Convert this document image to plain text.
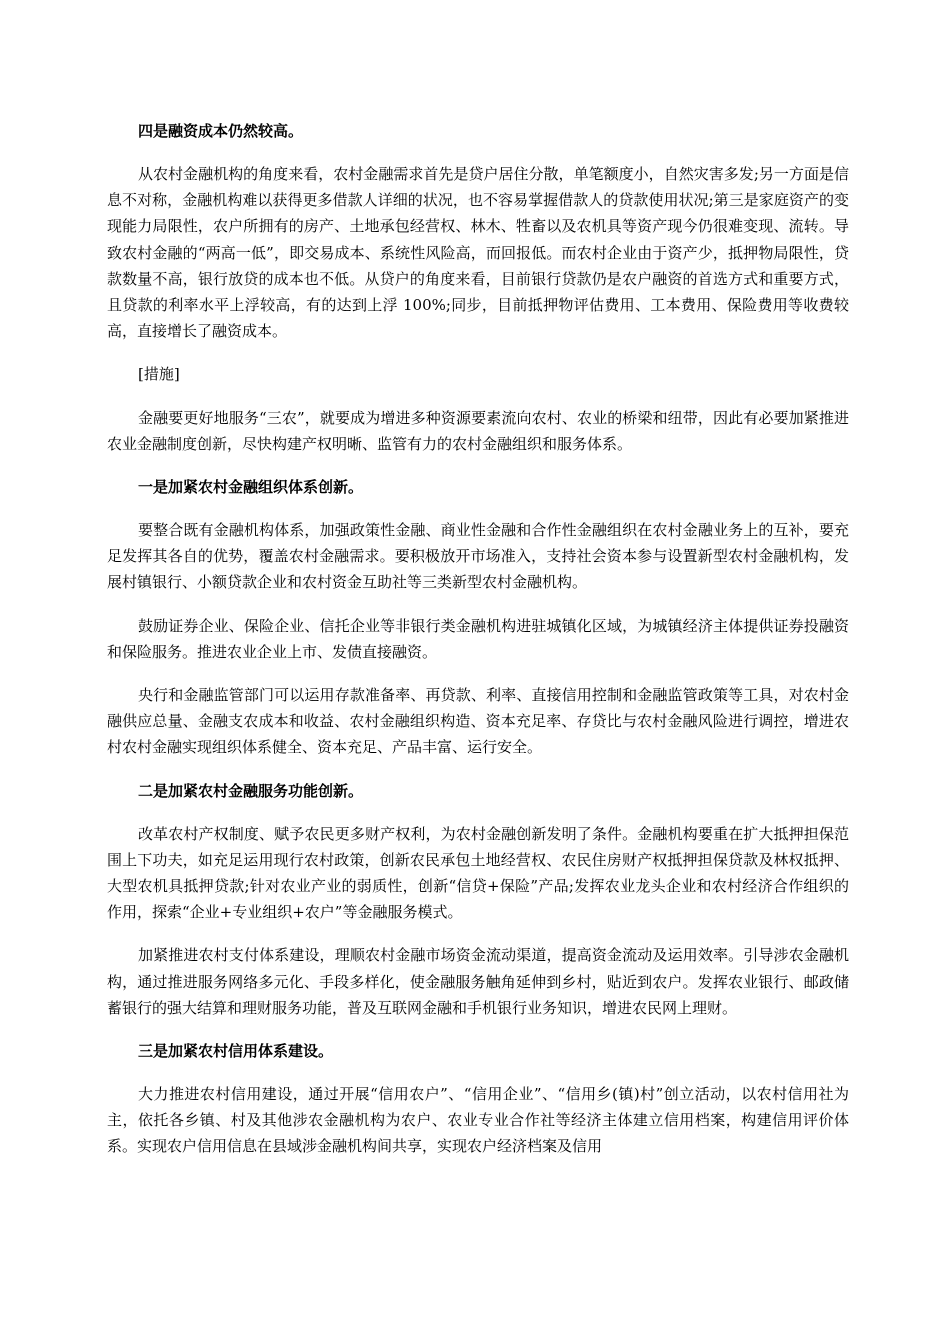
四是融资成本仍然较高。
从农村金融机构的角度来看，农村金融需求首先是贷户居住分散，单笔额度小，自然灾害多发;另一方面是信息不对称，金融机构难以获得更多借款人详细的状况，也不容易掌握借款人的贷款使用状况;第三是家庭资产的变现能力局限性，农户所拥有的房产、土地承包经营权、林木、牲畜以及农机具等资产现今仍很难变现、流转。导致农村金融的“两高一低”，即交易成本、系统性风险高，而回报低。而农村企业由于资产少，抵押物局限性，贷款数量不高，银行放贷的成本也不低。从贷户的角度来看，目前银行贷款仍是农户融资的首选方式和重要方式，且贷款的利率水平上浮较高，有的达到上浮 100%;同步，目前抵押物评估费用、工本费用、保险费用等收费较高，直接增长了融资成本。
[措施]
金融要更好地服务“三农”，就要成为增进多种资源要素流向农村、农业的桥梁和纽带，因此有必要加紧推进农业金融制度创新，尽快构建产权明晰、监管有力的农村金融组织和服务体系。
一是加紧农村金融组织体系创新。
要整合既有金融机构体系，加强政策性金融、商业性金融和合作性金融组织在农村金融业务上的互补，要充足发挥其各自的优势，覆盖农村金融需求。要积极放开市场准入，支持社会资本参与设置新型农村金融机构，发展村镇银行、小额贷款企业和农村资金互助社等三类新型农村金融机构。
鼓励证券企业、保险企业、信托企业等非银行类金融机构进驻城镇化区域，为城镇经济主体提供证券投融资和保险服务。推进农业企业上市、发债直接融资。
央行和金融监管部门可以运用存款准备率、再贷款、利率、直接信用控制和金融监管政策等工具，对农村金融供应总量、金融支农成本和收益、农村金融组织构造、资本充足率、存贷比与农村金融风险进行调控，增进农村农村金融实现组织体系健全、资本充足、产品丰富、运行安全。
二是加紧农村金融服务功能创新。
改革农村产权制度、赋予农民更多财产权利，为农村金融创新发明了条件。金融机构要重在扩大抵押担保范围上下功夫，如充足运用现行农村政策，创新农民承包土地经营权、农民住房财产权抵押担保贷款及林权抵押、大型农机具抵押贷款;针对农业产业的弱质性，创新“信贷+保险”产品;发挥农业龙头企业和农村经济合作组织的作用，探索“企业+专业组织+农户”等金融服务模式。
加紧推进农村支付体系建设，理顺农村金融市场资金流动渠道，提高资金流动及运用效率。引导涉农金融机构，通过推进服务网络多元化、手段多样化，使金融服务触角延伸到乡村，贴近到农户。发挥农业银行、邮政储蓄银行的强大结算和理财服务功能，普及互联网金融和手机银行业务知识，增进农民网上理财。
三是加紧农村信用体系建设。
大力推进农村信用建设，通过开展“信用农户”、“信用企业”、“信用乡(镇)村”创立活动，以农村信用社为主，依托各乡镇、村及其他涉农金融机构为农户、农业专业合作社等经济主体建立信用档案，构建信用评价体系。实现农户信用信息在县域涉金融机构间共享，实现农户经济档案及信用
